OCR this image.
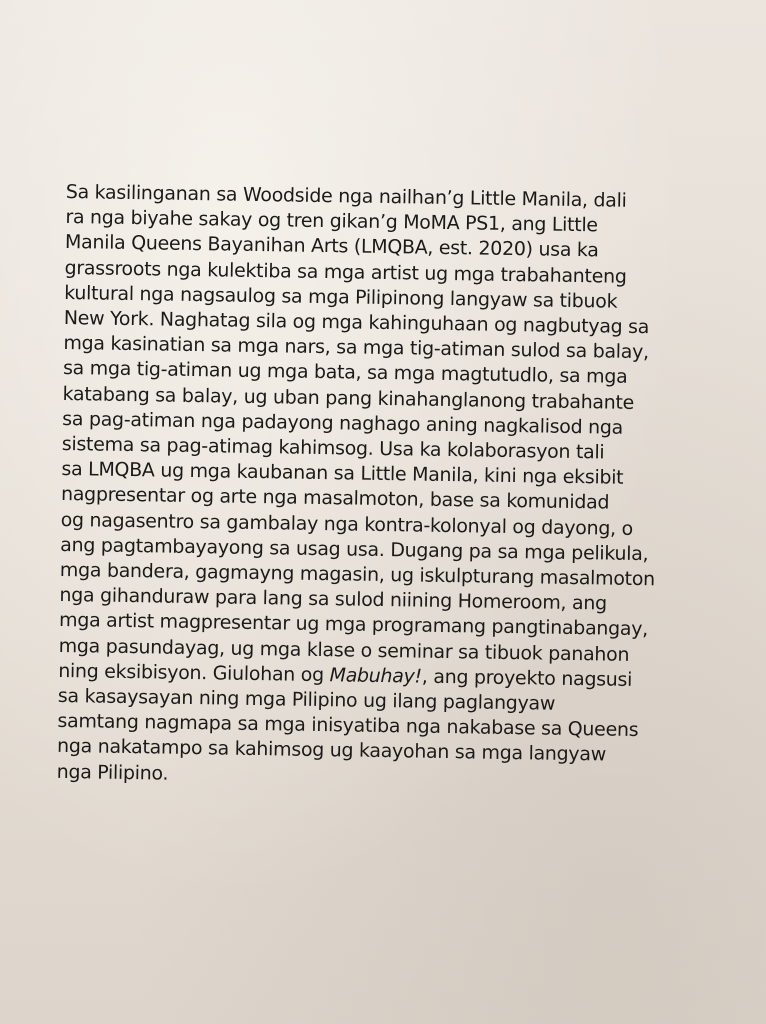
Sa kasilinganan sa Woodside nga nailhan’g Little Manila, dali
ra nga biyahe sakay og tren gikan’g MoMA PS1, ang Little
Manila Queens Bayanihan Arts (LMQBA, est. 2020) usa ka
grassroots nga kulektiba sa mga artist ug mga trabahanteng
kultural nga nagsaulog sa mga Pilipinong langyaw sa tibuok
New York. Naghatag sila og mga kahinguhaan og nagbutyag sa
mga kasinatian sa mga nars, sa mga tig-atiman sulod sa balay,
sa mga tig-atiman ug mga bata, sa mga magtutudlo, sa mga
katabang sa balay, ug uban pang kinahanglanong trabahante
sa pag-atiman nga padayong naghago aning nagkalisod nga
sistema sa pag-atimag kahimsog. Usa ka kolaborasyon tali
sa LMQBA ug mga kaubanan sa Little Manila, kini nga eksibit
nagpresentar og arte nga masalmoton, base sa komunidad
og nagasentro sa gambalay nga kontra-kolonyal og dayong, o
ang pagtambayayong sa usag usa. Dugang pa sa mga pelikula,
mga bandera, gagmayng magasin, ug iskulpturang masalmoton
nga gihanduraw para lang sa sulod niining Homeroom, ang
mga artist magpresentar ug mga programang pangtinabangay,
mga pasundayag, ug mga klase o seminar sa tibuok panahon
ning eksibisyon. Giulohan og Mabuhay!, ang proyekto nagsusi
sa kasaysayan ning mga Pilipino ug ilang paglangyaw
samtang nagmapa sa mga inisyatiba nga nakabase sa Queens
nga nakatampo sa kahimsog ug kaayohan sa mga langyaw
nga Pilipino.
